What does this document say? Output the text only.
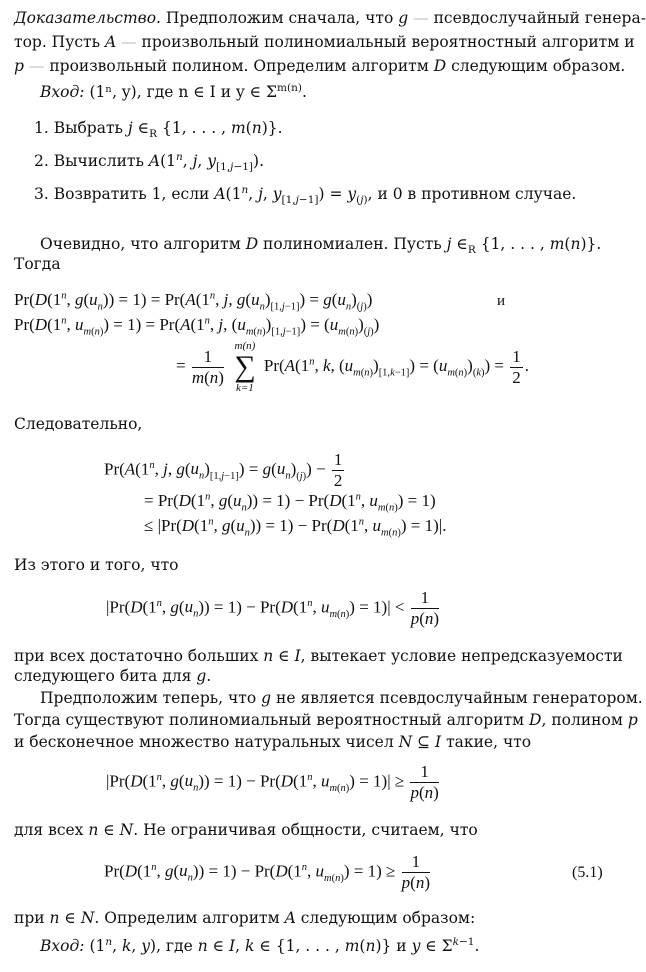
Доказательство. Предположим сначала, что g — псевдослучайный генера-
тор. Пусть A — произвольный полиномиальный вероятностный алгоритм и
p — произвольный полином. Определим алгоритм D следующим образом.
Вход: (1ⁿ, y), где n ∈ I и y ∈ $\Sigma^{m(n)}$.
1. Выбрать j $\in_R$ {1, . . . , m(n)}.
2. Вычислить A(1$^n$, j, $y_{[1,j-1]}$).
3. Возвратить 1, если A(1$^n$, j, $y_{[1,j-1]}) = y_{(j)}$, и 0 в противном случае.
Очевидно, что алгоритм D полиномиален. Пусть j $\in_R$ {1, . . . , m(n)}.
Тогда
Pr(D(1$^n$, $g(u_n)) = 1) = Pr(A(1^n$, j, $g(u_n)_{[1,j-1]}) = g(u_n)_{(j)}$)	и
Pr(D(1$^n$, $u_{m(n)}) = 1) = Pr(A(1^n$, j, $(u_{m(n)})_{[1,j-1]}) = (u_{m(n)})_{(j)}$)
= $\frac{1}{m(n)}$

m(n)
∑
k=1
Pr(A(1$^n$, k, $(u_{m(n)})_{[1,k-1]}) = (u_{m(n)})_{(k)}) = \frac{1}{2}$ .
Следовательно,
Pr(A(1$^n$, j, $g(u_n)_{[1,j-1]}) = g(u_n)_{(j)}) - \frac{1}{2}$
= $Pr(D(1^n$, $g(u_n)) = 1) - Pr(D(1^n$, $u_{m(n)}) = 1$)
≤ $|Pr(D(1^n$, $g(u_n)) = 1) - Pr(D(1^n$, $u_{m(n)}) = 1)|$.
Из этого и того, что
|Pr(D(1$^n$, $g(u_n)) = 1) - Pr(D(1^n$, $u_{m(n)}) = 1)| < \frac{1}{p(n)}$
при всех достаточно больших n ∈ I, вытекает условие непредсказуемости
следующего бита для g.
Предположим теперь, что g не является псевдослучайным генератором.
Тогда существуют полиномиальный вероятностный алгоритм D, полином p
и бесконечное множество натуральных чисел N ⊆ I такие, что
|Pr(D(1$^n$, $g(u_n)) = 1) - Pr(D(1^n$, $u_{m(n)}) = 1)| \ge \frac{1}{p(n)}$
для всех n ∈ N. Не ограничивая общности, считаем, что
Pr(D(1$^n$, $g(u_n)) = 1) - Pr(D(1^n$, $u_{m(n)}) = 1) \ge \frac{1}{p(n)}$	(5.1)
при n ∈ N. Определим алгоритм A следующим образом:
Вход: (1$^n$, k, y), где n ∈ I, k ∈ {1, . . . , m(n)} и y ∈ $\Sigma^{k-1}$.
